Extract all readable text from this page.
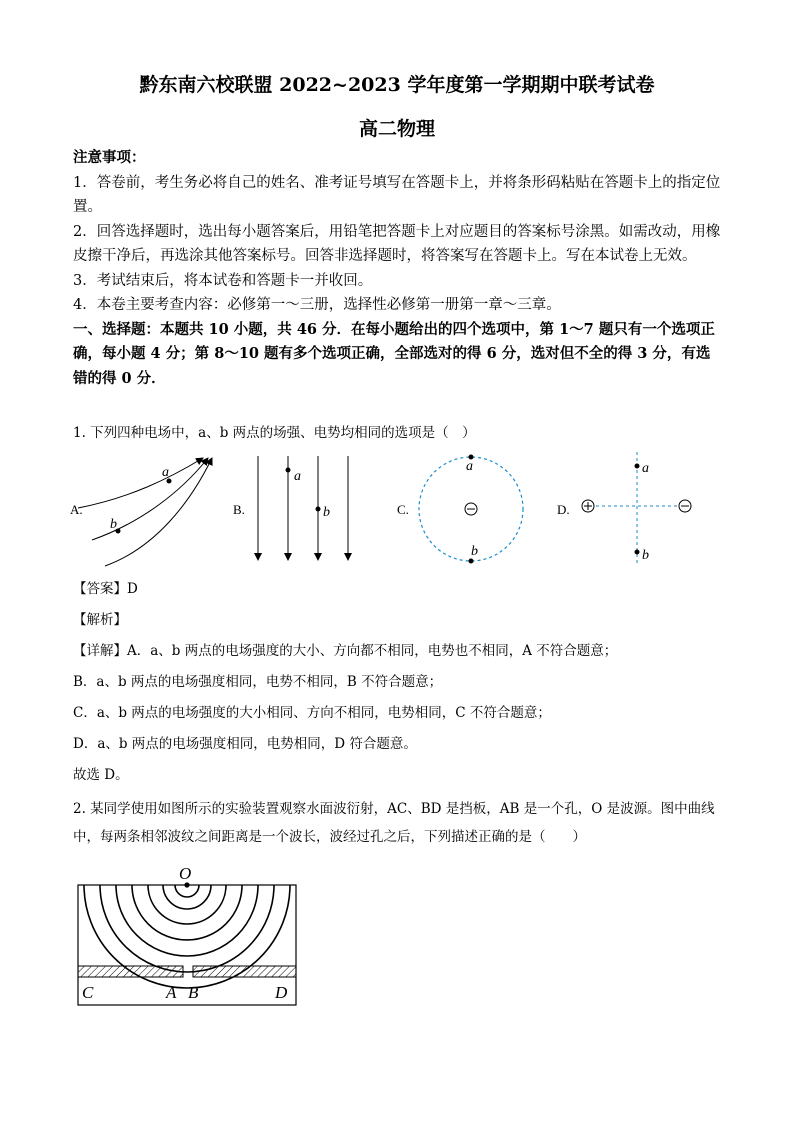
黔东南六校联盟 2022~2023 学年度第一学期期中联考试卷
高二物理

注意事项：

1．答卷前，考生务必将自己的姓名、准考证号填写在答题卡上，并将条形码粘贴在答题卡上的指定位置。

2．回答选择题时，选出每小题答案后，用铅笔把答题卡上对应题目的答案标号涂黑。如需改动，用橡皮擦干净后，再选涂其他答案标号。回答非选择题时，将答案写在答题卡上。写在本试卷上无效。

3．考试结束后，将本试卷和答题卡一并收回。

4．本卷主要考查内容：必修第一～三册，选择性必修第一册第一章～三章。

一、选择题：本题共 10 小题，共 46 分．在每小题给出的四个选项中，第 1～7 题只有一个选项正确，每小题 4 分；第 8～10 题有多个选项正确，全部选对的得 6 分，选对但不全的得 3 分，有选错的得 0 分．

1. 下列四种电场中，a、b 两点的场强、电势均相同的选项是（　）

A.
a
b
B.
a
b	C.
a
b
D.
a
b

【答案】D

【解析】

【详解】A．a、b 两点的电场强度的大小、方向都不相同，电势也不相同，A 不符合题意；

B．a、b 两点的电场强度相同，电势不相同，B 不符合题意；

C．a、b 两点的电场强度的大小相同、方向不相同，电势相同，C 不符合题意；

D．a、b 两点的电场强度相同，电势相同，D 符合题意。

故选 D。

2. 某同学使用如图所示的实验装置观察水面波衍射，AC、BD 是挡板，AB 是一个孔，O 是波源。图中曲线中，每两条相邻波纹之间距离是一个波长，波经过孔之后，下列描述正确的是（　　）

O
C	A B	D
